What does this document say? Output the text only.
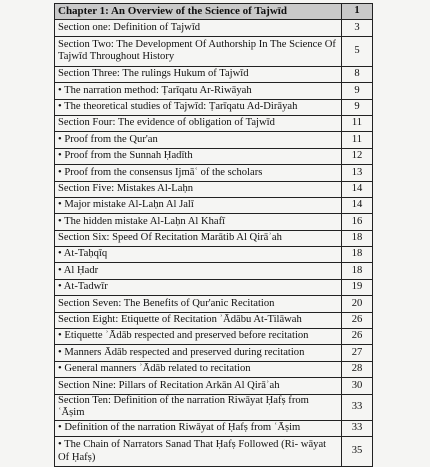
Chapter 1: An Overview of the Science of Tajwīd	1
Section one: Definition of Tajwīd	3
Section Two: The Development Of Authorship In The Science Of Tajwīd Throughout History	5
Section Three: The rulings Hukum of Tajwīd	8
• The narration method: Ṭarīqatu Ar-Riwāyah	9
• The theoretical studies of Tajwīd: Ṭarīqatu Ad-Dirāyah	9
Section Four: The evidence of obligation of Tajwīd	11
• Proof from the Qur'an	11
• Proof from the Sunnah Ḥadīth	12
• Proof from the consensus Ijmāʿ of the scholars	13
Section Five: Mistakes Al-Laḥn	14
• Major mistake Al-Laḥn Al Jalī	14
• The hidden mistake Al-Laḥn Al Khafī	16
Section Six: Speed Of Recitation Marātib Al Qirāʾah	18
• At-Taḥqīq	18
• Al Ḥadr	18
• At-Tadwīr	19
Section Seven: The Benefits of Qur'anic Recitation	20
Section Eight: Etiquette of Recitation ʾĀdābu At-Tilāwah	26
• Etiquette ʾĀdāb respected and preserved before recitation	26
• Manners Ādāb respected and preserved during recitation	27
• General manners ʾĀdāb related to recitation	28
Section Nine: Pillars of Recitation Arkān Al Qirāʾah	30
Section Ten: Definition of the narration Riwāyat Ḥafṣ from ʿĀṣim	33
• Definition of the narration Riwāyat of Ḥafṣ from ʿĀṣim	33
• The Chain of Narrators Sanad That Ḥafṣ Followed (Ri- wāyat Of Ḥafṣ)	35
